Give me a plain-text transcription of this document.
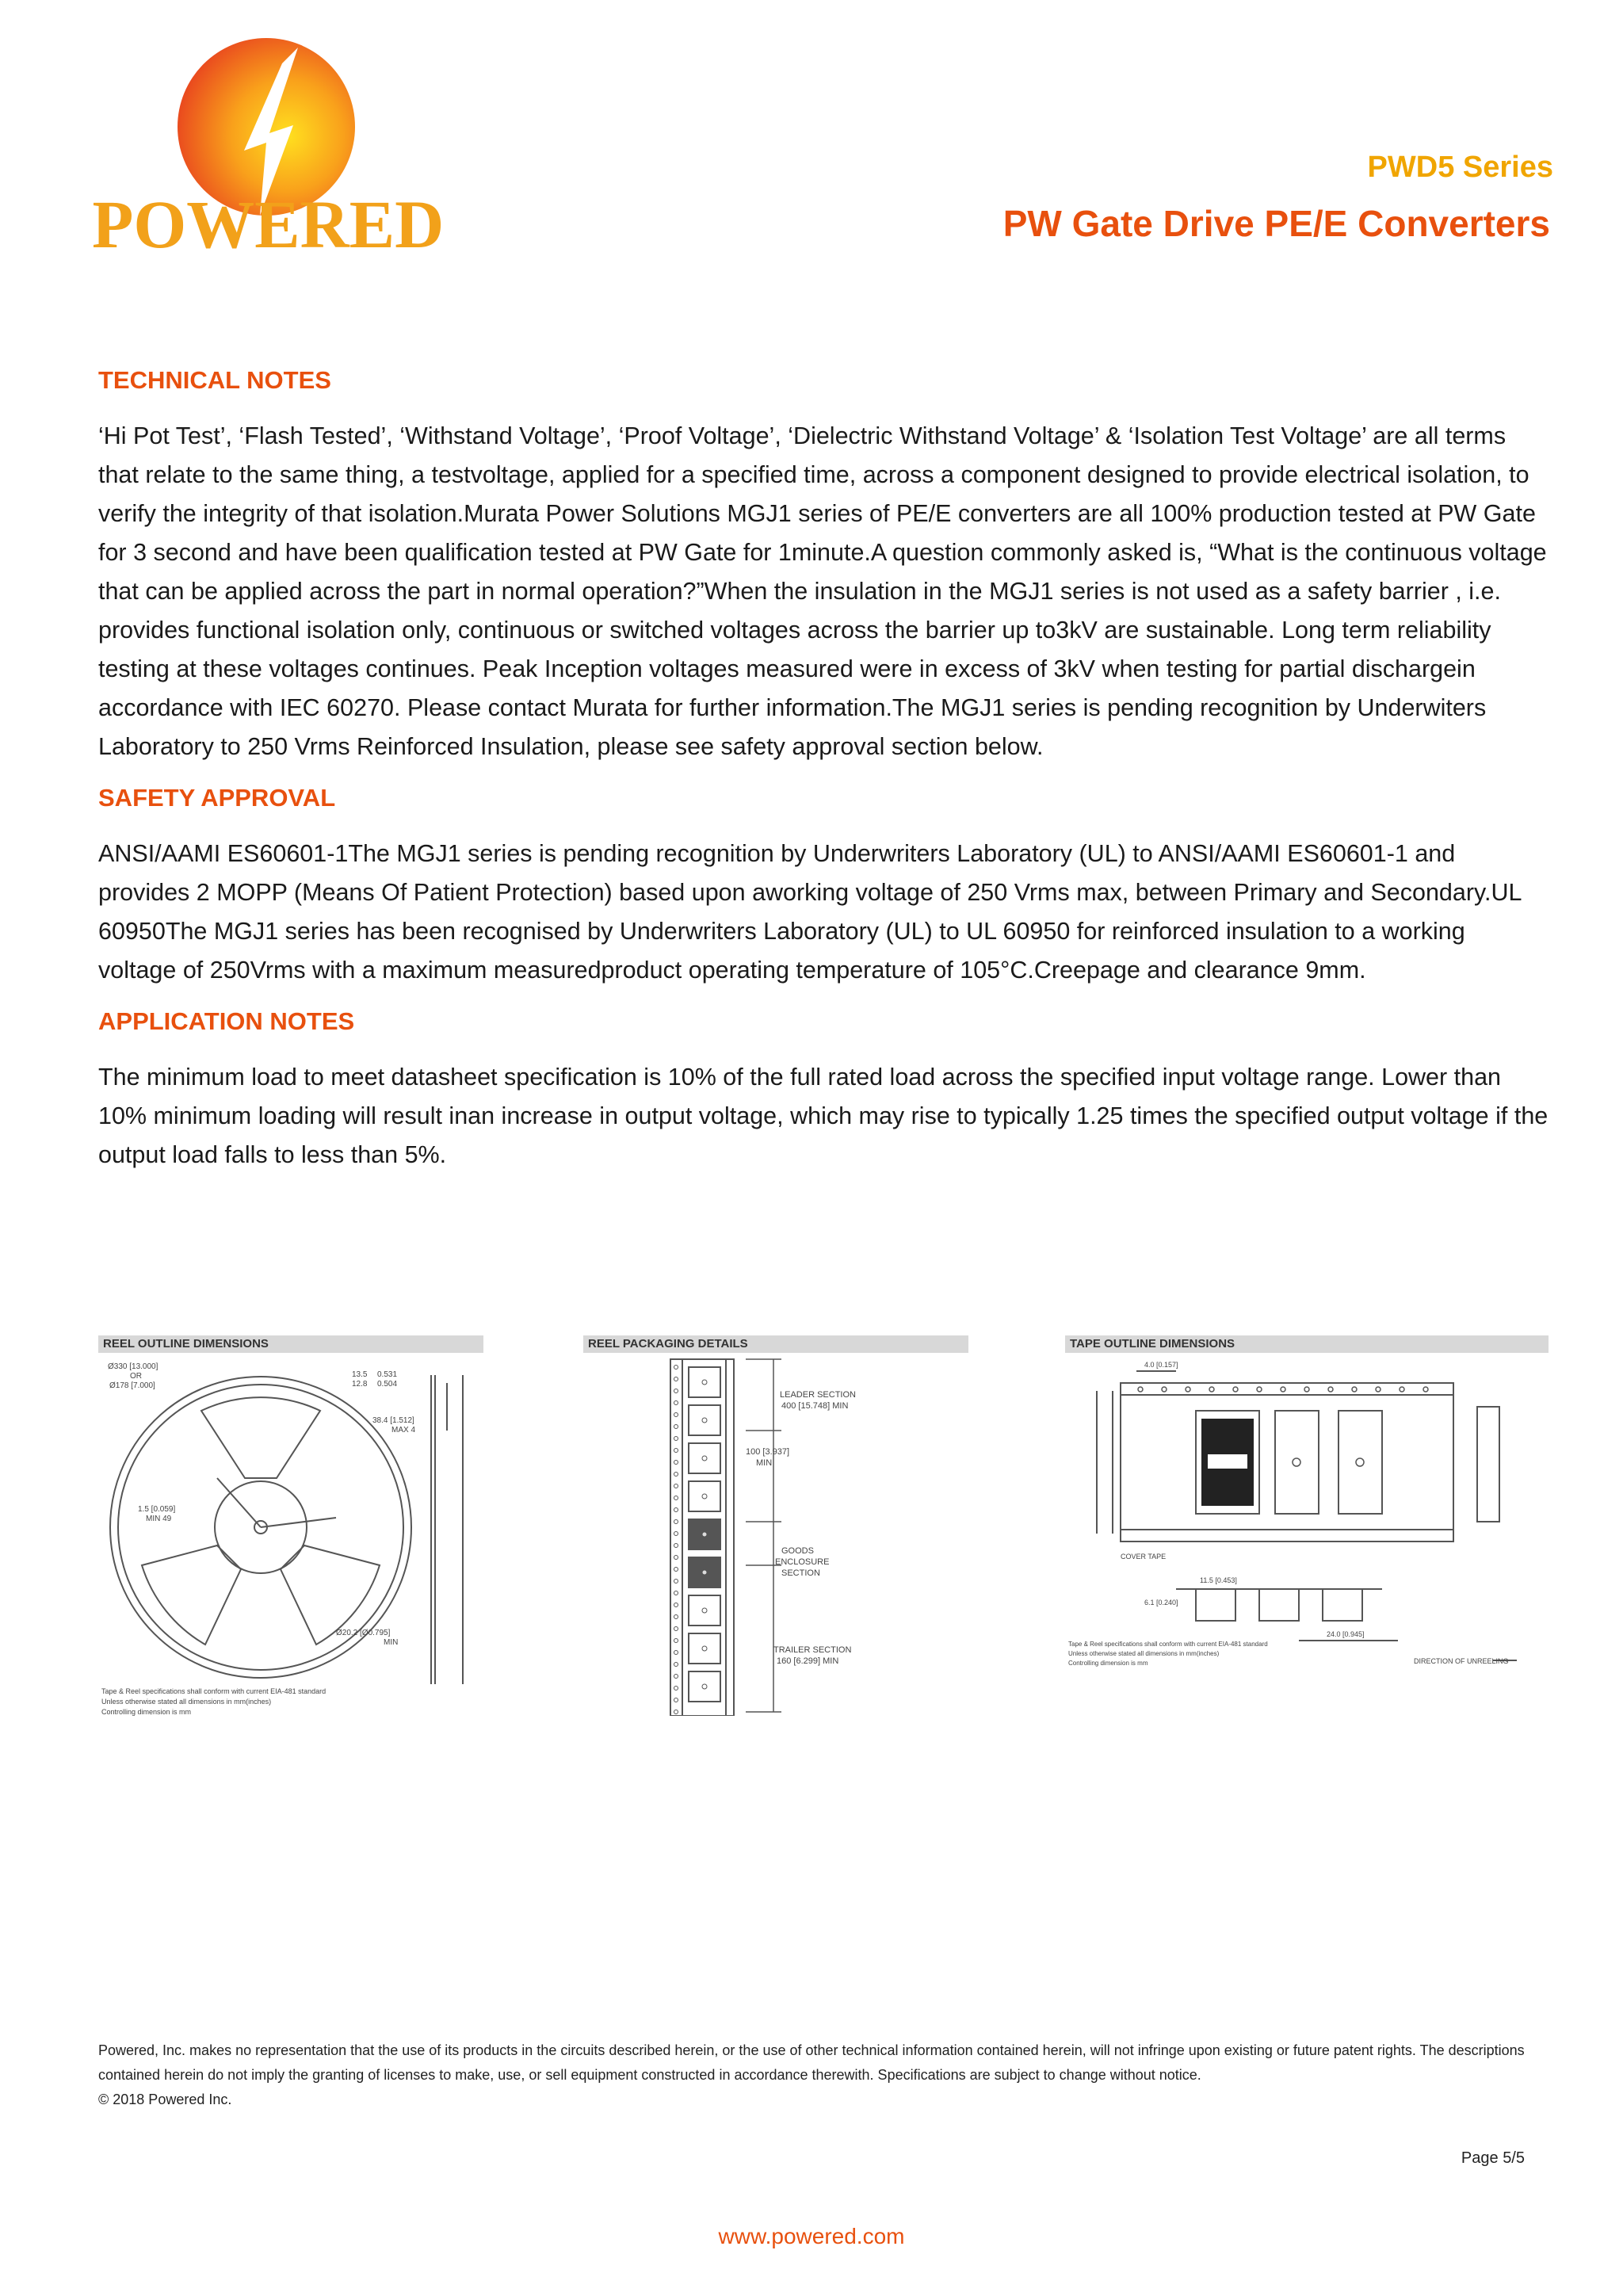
POWERED
PWD5 Series
PW Gate Drive PE/E Converters
TECHNICAL NOTES

‘Hi Pot Test’, ‘Flash Tested’, ‘Withstand Voltage’, ‘Proof Voltage’, ‘Dielectric Withstand Voltage’ & ‘Isolation Test Voltage’ are all terms that relate to the same thing, a testvoltage, applied for a specified time, across a component designed to provide electrical isolation, to verify the integrity of that isolation.Murata Power Solutions MGJ1 series of PE/E converters are all 100% production tested at PW Gate for 3 second and have been qualification tested at PW Gate for 1minute.A question commonly asked is, “What is the continuous voltage that can be applied across the part in normal operation?”When the insulation in the MGJ1 series is not used as a safety barrier , i.e. provides functional isolation only, continuous or switched voltages across the barrier up to3kV are sustainable. Long term reliability testing at these voltages continues. Peak Inception voltages measured were in excess of 3kV when testing for partial dischargein accordance with IEC 60270. Please contact Murata for further information.The MGJ1 series is pending recognition by Underwiters Laboratory to 250 Vrms Reinforced Insulation, please see safety approval section below.

SAFETY APPROVAL

ANSI/AAMI ES60601-1The MGJ1 series is pending recognition by Underwriters Laboratory (UL) to ANSI/AAMI ES60601-1 and provides 2 MOPP (Means Of Patient Protection) based upon aworking voltage of 250 Vrms max, between Primary and Secondary.UL 60950The MGJ1 series has been recognised by Underwriters Laboratory (UL) to UL 60950 for reinforced insulation to a working voltage of 250Vrms with a maximum measuredproduct operating temperature of 105°C.Creepage and clearance 9mm.

APPLICATION NOTES

The minimum load to meet datasheet specification is 10% of the full rated load across the specified input voltage range. Lower than 10% minimum loading will result inan increase in output voltage, which may rise to typically 1.25 times the specified output voltage if the output load falls to less than 5%.

REEL OUTLINE DIMENSIONS
Ø330 [13.000]
OR
Ø178 [7.000]
13.5
12.8
0.531
0.504
38.4 [1.512]
MAX 4
1.5 [0.059]
MIN 49
Ø20.2 [Ø0.795]
MIN
Tape & Reel specifications shall conform with current EIA-481 standard
Unless otherwise stated all dimensions in mm(inches)
Controlling dimension is mm
REEL PACKAGING DETAILS
LEADER SECTION
400 [15.748] MIN
100 [3.937]
MIN
GOODS
ENCLOSURE
SECTION
TRAILER SECTION
160 [6.299] MIN
TAPE OUTLINE DIMENSIONS
4.0 [0.157]
COVER TAPE
11.5 [0.453]
6.1 [0.240]
24.0 [0.945]
DIRECTION OF UNREELING
Tape & Reel specifications shall conform with current EIA-481 standard
Unless otherwise stated all dimensions in mm(inches)
Controlling dimension is mm
Powered, Inc. makes no representation that the use of its products in the circuits described herein, or the use of other technical information contained herein, will not infringe upon existing or future patent rights. The descriptions contained herein do not imply the granting of licenses to make, use, or sell equipment constructed in accordance therewith. Specifications are subject to change without notice.
© 2018 Powered Inc.
Page 5/5
www.powered.com
